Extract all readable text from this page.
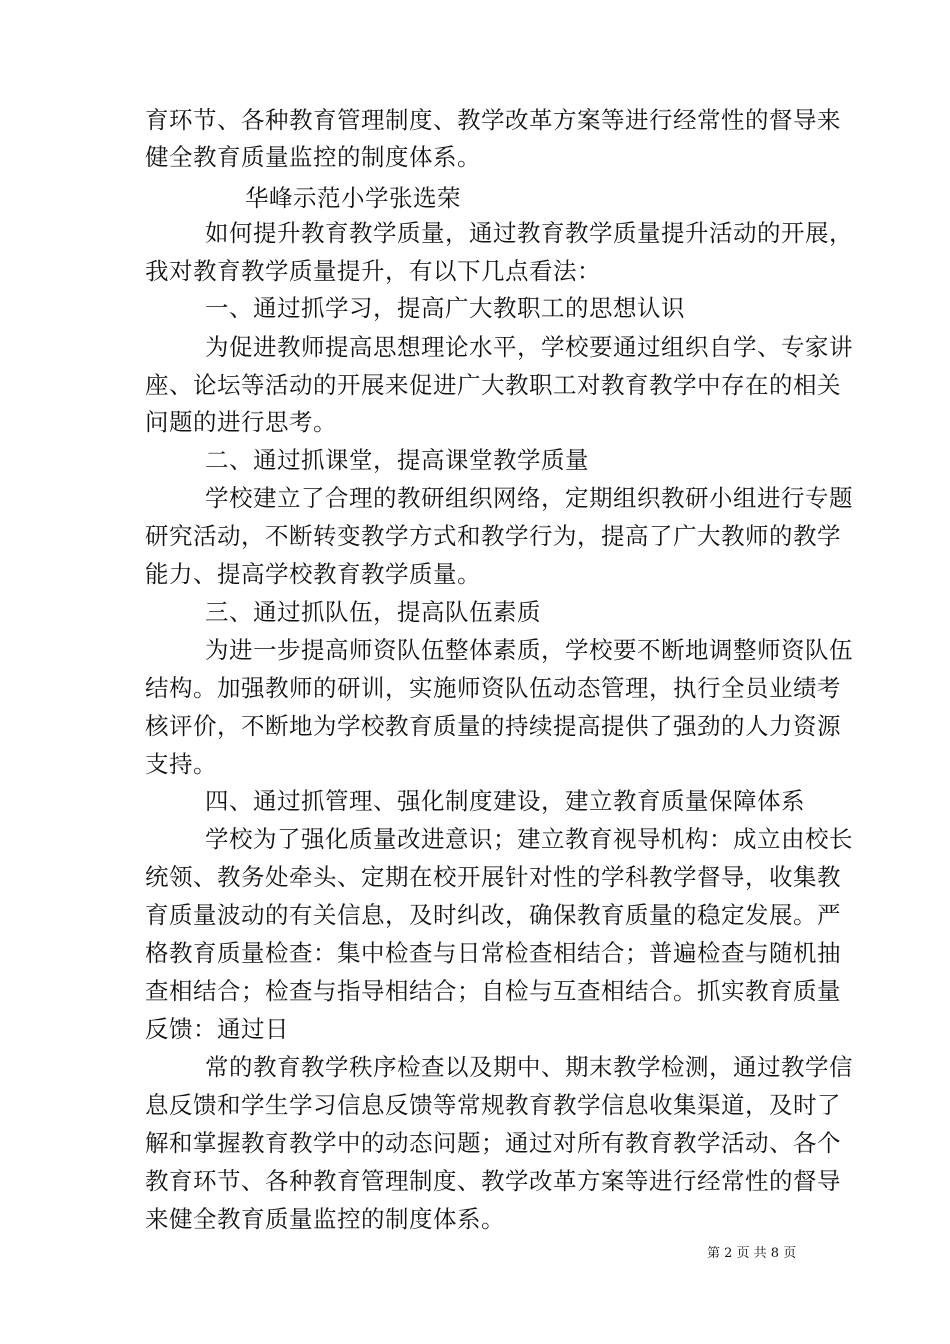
育环节、各种教育管理制度、教学改革方案等进行经常性的督导来
健全教育质量监控的制度体系。
华峰示范小学张选荣
如何提升教育教学质量，通过教育教学质量提升活动的开展，
我对教育教学质量提升，有以下几点看法：
一、通过抓学习，提高广大教职工的思想认识
为促进教师提高思想理论水平，学校要通过组织自学、专家讲
座、论坛等活动的开展来促进广大教职工对教育教学中存在的相关
问题的进行思考。
二、通过抓课堂，提高课堂教学质量
学校建立了合理的教研组织网络，定期组织教研小组进行专题
研究活动，不断转变教学方式和教学行为，提高了广大教师的教学
能力、提高学校教育教学质量。
三、通过抓队伍，提高队伍素质
为进一步提高师资队伍整体素质，学校要不断地调整师资队伍
结构。加强教师的研训，实施师资队伍动态管理，执行全员业绩考
核评价，不断地为学校教育质量的持续提高提供了强劲的人力资源
支持。
四、通过抓管理、强化制度建设，建立教育质量保障体系
学校为了强化质量改进意识；建立教育视导机构：成立由校长
统领、教务处牵头、定期在校开展针对性的学科教学督导，收集教
育质量波动的有关信息，及时纠改，确保教育质量的稳定发展。严
格教育质量检查：集中检查与日常检查相结合；普遍检查与随机抽
查相结合；检查与指导相结合；自检与互查相结合。抓实教育质量
反馈：通过日
常的教育教学秩序检查以及期中、期末教学检测，通过教学信
息反馈和学生学习信息反馈等常规教育教学信息收集渠道，及时了
解和掌握教育教学中的动态问题；通过对所有教育教学活动、各个
教育环节、各种教育管理制度、教学改革方案等进行经常性的督导
来健全教育质量监控的制度体系。
第 2 页 共 8 页
